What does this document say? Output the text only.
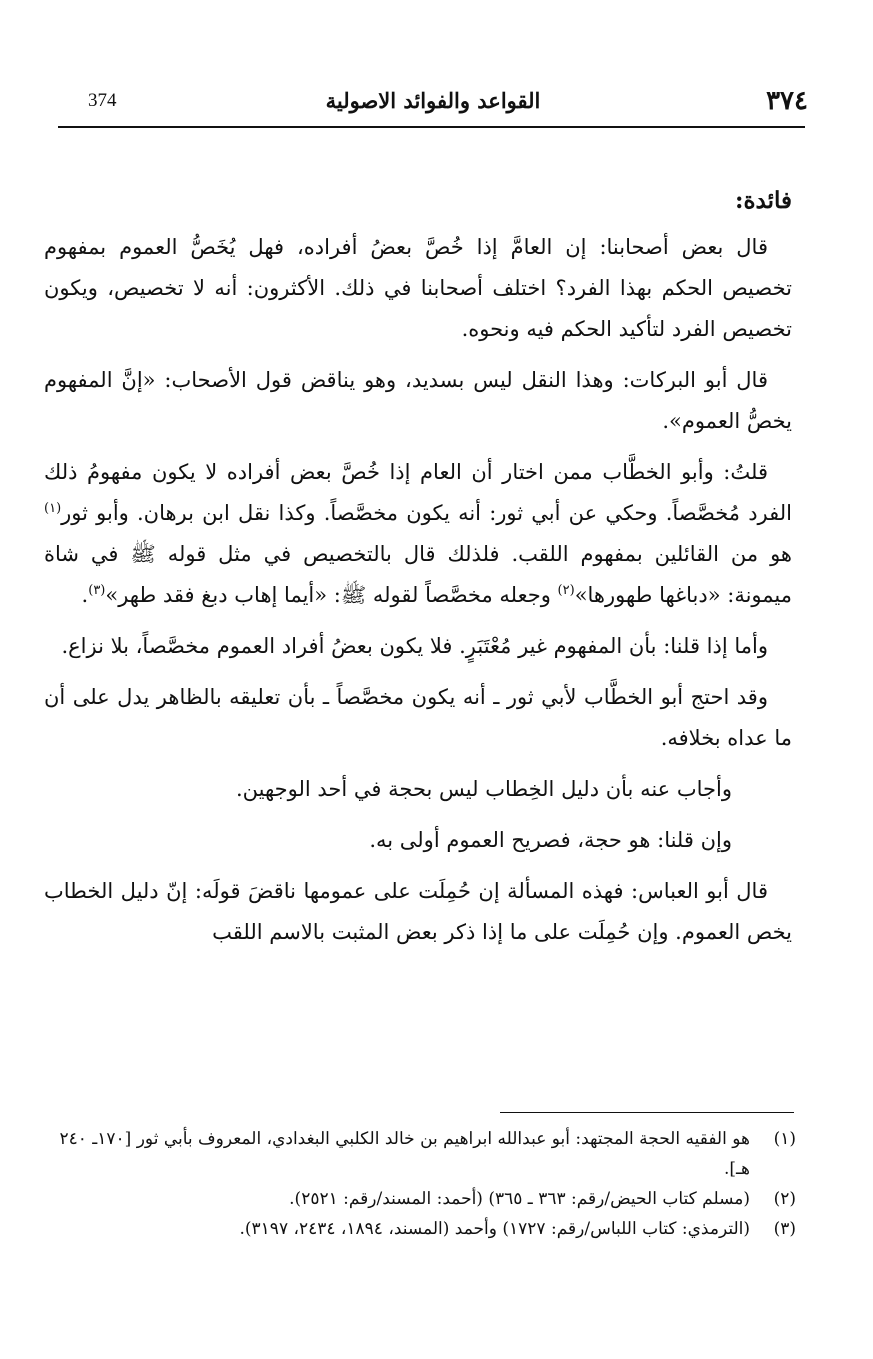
٣٧٤
القواعد والفوائد الاصولية
374

فائدة:

قال بعض أصحابنا: إن العامَّ إذا خُصَّ بعضُ أفراده، فهل يُخَصُّ العموم بمفهوم تخصيص الحكم بهذا الفرد؟ اختلف أصحابنا في ذلك. الأكثرون: أنه لا تخصيص، ويكون تخصيص الفرد لتأكيد الحكم فيه ونحوه.

قال أبو البركات: وهذا النقل ليس بسديد، وهو يناقض قول الأصحاب: «إنَّ المفهوم يخصُّ العموم».

قلتُ: وأبو الخطَّاب ممن اختار أن العام إذا خُصَّ بعض أفراده لا يكون مفهومُ ذلك الفرد مُخصَّصاً. وحكي عن أبي ثور: أنه يكون مخصَّصاً. وكذا نقل ابن برهان. وأبو ثور$^{(١)}$ هو من القائلين بمفهوم اللقب. فلذلك قال بالتخصيص في مثل قوله ﷺ في شاة ميمونة: «دباغها طهورها»$^{(٢)}$ وجعله مخصَّصاً لقوله ﷺ: «أيما إهاب دبغ فقد طهر»$^{(٣)}$.

وأما إذا قلنا: بأن المفهوم غير مُعْتَبَرٍ. فلا يكون بعضُ أفراد العموم مخصَّصاً، بلا نزاع.

وقد احتج أبو الخطَّاب لأبي ثور ـ أنه يكون مخصَّصاً ـ بأن تعليقه بالظاهر يدل على أن ما عداه بخلافه.

وأجاب عنه بأن دليل الخِطاب ليس بحجة في أحد الوجهين.

وإن قلنا: هو حجة، فصريح العموم أولى به.

قال أبو العباس: فهذه المسألة إن حُمِلَت على عمومها ناقضَ قولَه: إنّ دليل الخطاب يخص العموم. وإن حُمِلَت على ما إذا ذكر بعض المثبت بالاسم اللقب

(١)
هو الفقيه الحجة المجتهد: أبو عبدالله ابراهيم بن خالد الكلبي البغدادي، المعروف بأبي ثور [١٧٠ـ ٢٤٠ هـ].
(٢)
(مسلم كتاب الحيض/رقم: ٣٦٣ ـ ٣٦٥) (أحمد: المسند/رقم: ٢٥٢١).
(٣)
(الترمذي: كتاب اللباس/رقم: ١٧٢٧) وأحمد (المسند، ١٨٩٤، ٢٤٣٤، ٣١٩٧).
